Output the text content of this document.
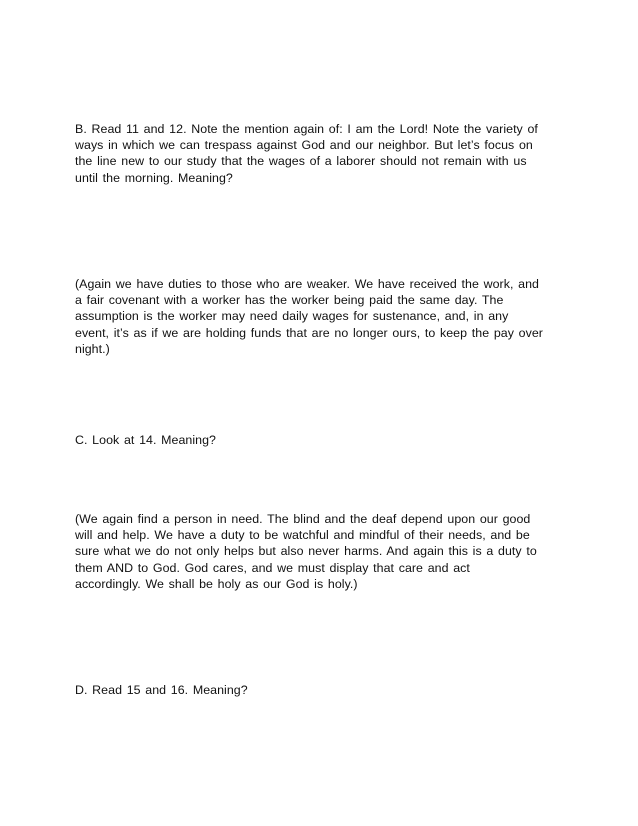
B. Read 11 and 12. Note the mention again of: I am the Lord! Note the variety of
ways in which we can trespass against God and our neighbor. But let’s focus on
the line new to our study that the wages of a laborer should not remain with us
until the morning. Meaning?

(Again we have duties to those who are weaker. We have received the work, and
a fair covenant with a worker has the worker being paid the same day. The
assumption is the worker may need daily wages for sustenance, and, in any
event, it’s as if we are holding funds that are no longer ours, to keep the pay over
night.)

C. Look at 14. Meaning?

(We again find a person in need. The blind and the deaf depend upon our good
will and help. We have a duty to be watchful and mindful of their needs, and be
sure what we do not only helps but also never harms. And again this is a duty to
them AND to God. God cares, and we must display that care and act
accordingly. We shall be holy as our God is holy.)

D. Read 15 and 16. Meaning?
